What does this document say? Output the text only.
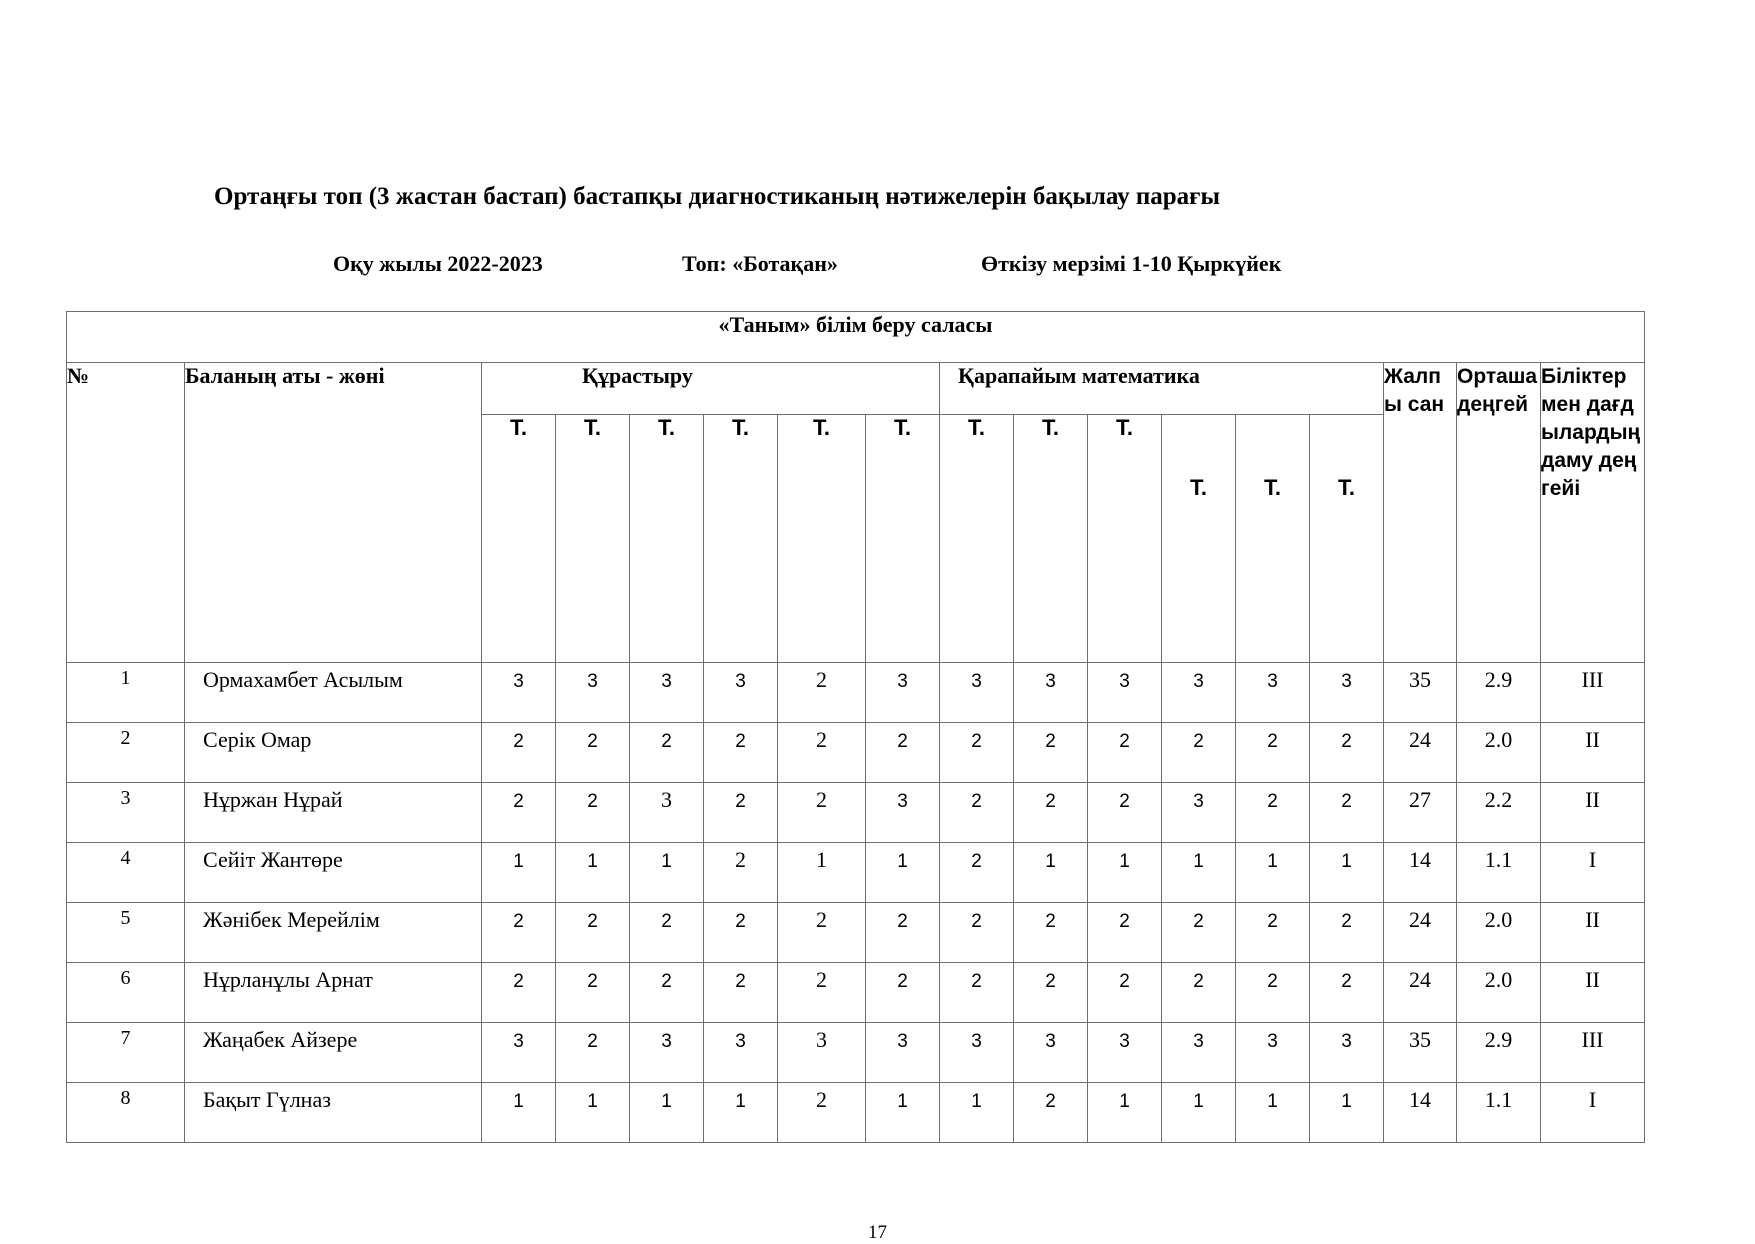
Ортаңғы топ (3 жастан бастап) бастапқы диагностиканың нәтижелерін бақылау парағы
Оқу жылы 2022-2023	Топ: «Ботақан»	Өткізу мерзімі 1-10 Қыркүйек
«Таным» білім беру саласы																
№	Баланың аты - жөні	Құрастыру						Қарапайым математика						Жалпы сан	Орташа деңгей	Біліктер мен дағдылардың даму деңгейі
		Т.	Т.	Т.	Т.	Т.	Т.	Т.	Т.	Т.	Т.	Т.	Т.			
1	Ормахамбет Асылым	3	3	3	3	2	3	3	3	3	3	3	3	35	2.9	III
2	Серік Омар	2	2	2	2	2	2	2	2	2	2	2	2	24	2.0	II
3	Нұржан Нұрай	2	2	3	2	2	3	2	2	2	3	2	2	27	2.2	II
4	Сейіт Жантөре	1	1	1	2	1	1	2	1	1	1	1	1	14	1.1	I
5	Жәнібек Мерейлім	2	2	2	2	2	2	2	2	2	2	2	2	24	2.0	II
6	Нұрланұлы Арнат	2	2	2	2	2	2	2	2	2	2	2	2	24	2.0	II
7	Жаңабек Айзере	3	2	3	3	3	3	3	3	3	3	3	3	35	2.9	III
8	Бақыт Гүлназ	1	1	1	1	2	1	1	2	1	1	1	1	14	1.1	I
17
